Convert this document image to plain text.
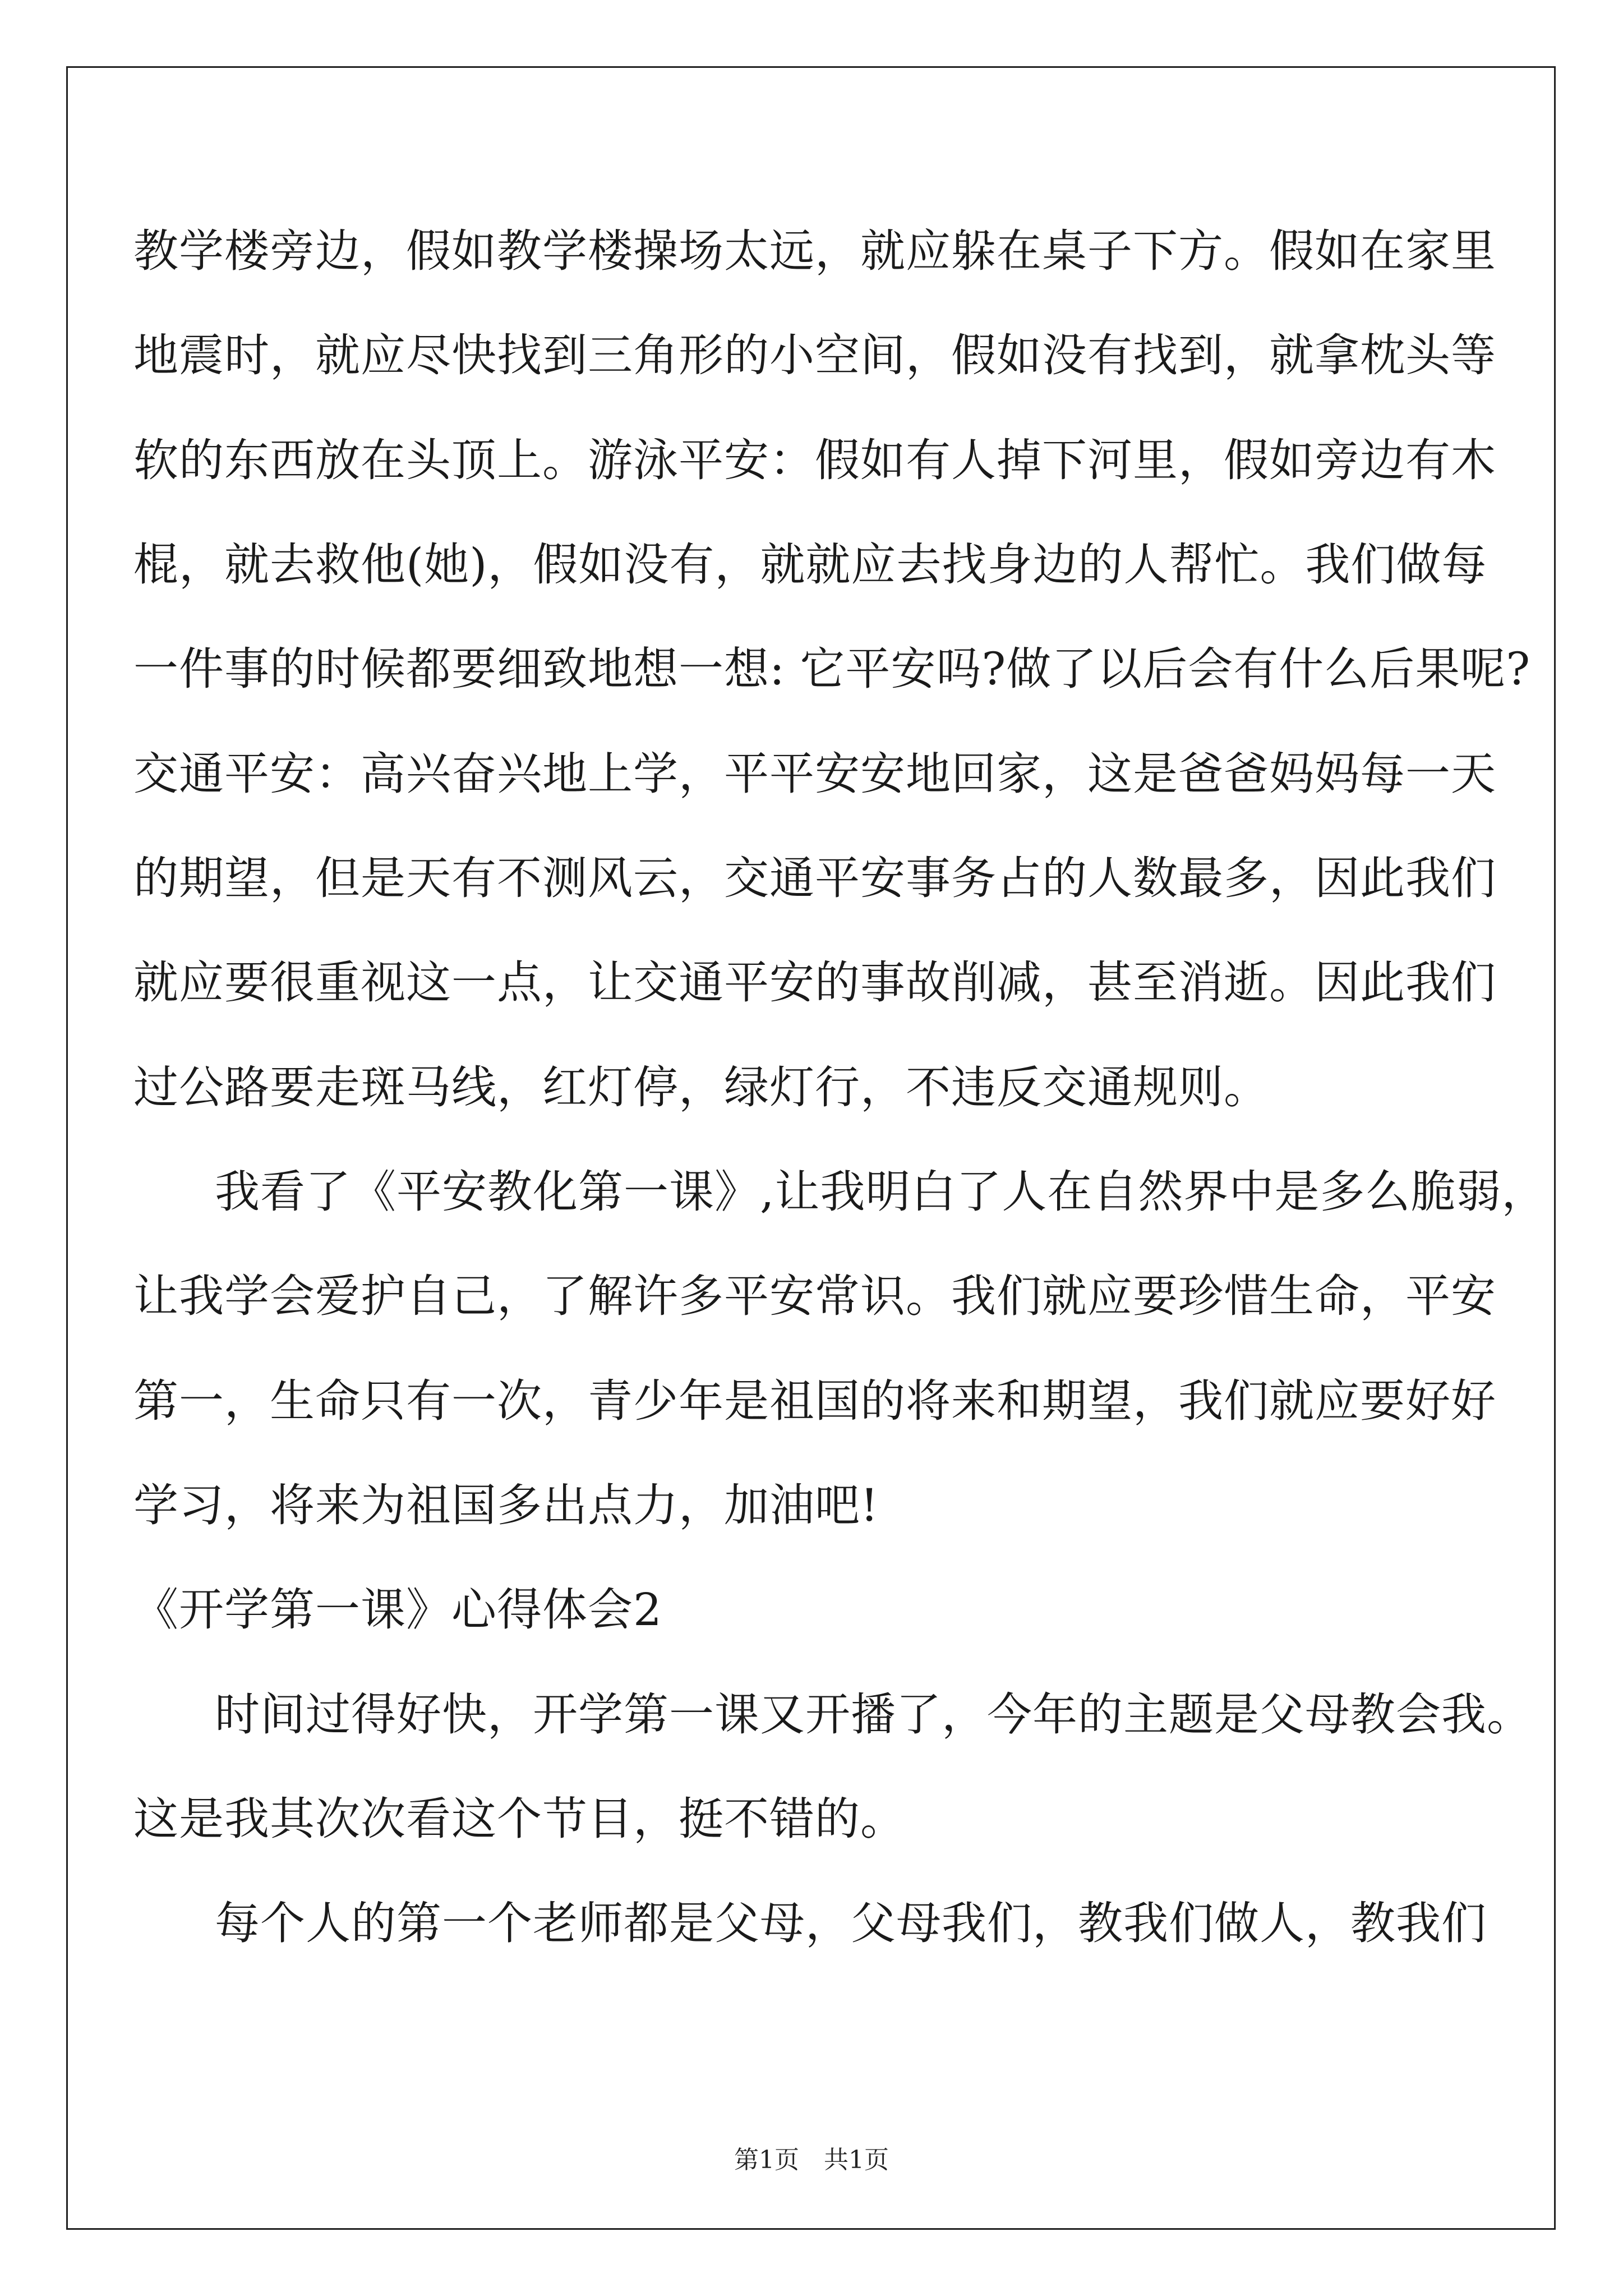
教学楼旁边，假如教学楼操场太远，就应躲在桌子下方。假如在家里
地震时，就应尽快找到三角形的小空间，假如没有找到，就拿枕头等
软的东西放在头顶上。游泳平安：假如有人掉下河里，假如旁边有木
棍，就去救他(她)，假如没有，就就应去找身边的人帮忙。我们做每
一件事的时候都要细致地想一想: 它平安吗?做了以后会有什么后果呢?
交通平安：高兴奋兴地上学，平平安安地回家，这是爸爸妈妈每一天
的期望，但是天有不测风云，交通平安事务占的人数最多，因此我们
就应要很重视这一点，让交通平安的事故削减，甚至消逝。因此我们
过公路要走斑马线，红灯停，绿灯行，不违反交通规则。
我看了《平安教化第一课》,让我明白了人在自然界中是多么脆弱，
让我学会爱护自己，了解许多平安常识。我们就应要珍惜生命，平安
第一，生命只有一次，青少年是祖国的将来和期望，我们就应要好好
学习，将来为祖国多出点力，加油吧!
《开学第一课》心得体会2
时间过得好快，开学第一课又开播了，今年的主题是父母教会我。
这是我其次次看这个节目，挺不错的。
每个人的第一个老师都是父母，父母我们，教我们做人，教我们
第1页　共1页
